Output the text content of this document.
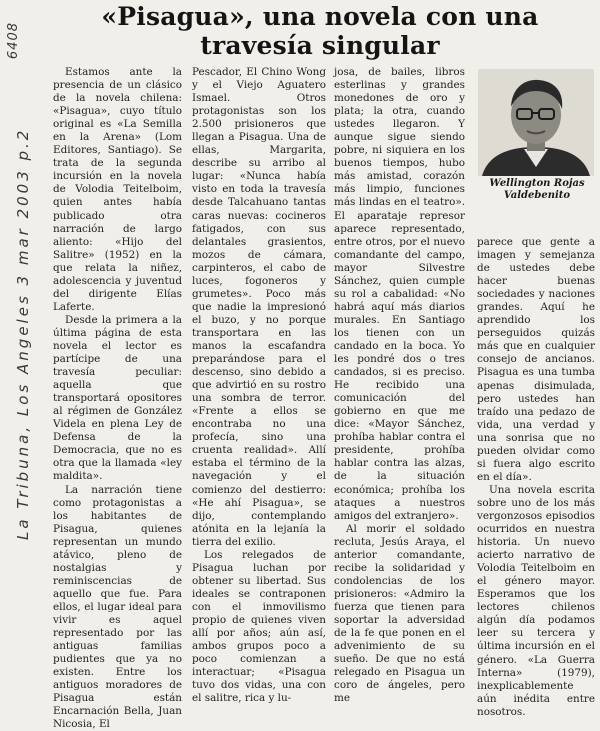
«Pisagua», una novela con una travesía singular
La Tribuna, Los Angeles 3 mar 2003 p.2
6408

Estamos ante la presencia de un clásico de la novela chilena: «Pisagua», cuyo título original es «La Semilla en la Arena» (Lom Editores, Santiago). Se trata de la segunda incursión en la novela de Volodia Teitelboim, quien antes había publicado otra narración de largo aliento: «Hijo del Salitre» (1952) en la que relata la niñez, adolescencia y juventud del dirigente Elías Laferte.

Desde la primera a la última página de esta novela el lector es partícipe de una travesía peculiar: aquella que transportará opositores al régimen de González Videla en plena Ley de Defensa de la Democracia, que no es otra que la llamada «ley maldita».

La narración tiene como protagonistas a los habitantes de Pisagua, quienes representan un mundo atávico, pleno de nostalgias y reminiscencias de aquello que fue. Para ellos, el lugar ideal para vivir es aquel representado por las antiguas familias pudientes que ya no existen. Entre los antiguos moradores de Pisagua están Encarnación Bella, Juan Nicosia, El

Pescador, El Chino Wong y el Viejo Aguatero Ismael. Otros protagonistas son los 2.500 prisioneros que llegan a Pisagua. Una de ellas, Margarita, describe su arribo al lugar: «Nunca había visto en toda la travesía desde Talcahuano tantas caras nuevas: cocineros fatigados, con sus delantales grasientos, mozos de cámara, carpinteros, el cabo de luces, fogoneros y grumetes». Poco más que nadie la impresionó el buzo, y no porque transportara en las manos la escafandra preparándose para el descenso, sino debido a que advirtió en su rostro una sombra de terror. «Frente a ellos se encontraba no una profecía, sino una cruenta realidad». Allí estaba el término de la navegación y el comienzo del destierro: «He ahí Pisagua», se dijo, contemplando atónita en la lejanía la tierra del exilio.

Los relegados de Pisagua luchan por obtener su libertad. Sus ideales se contraponen con el inmovilismo propio de quienes viven allí por años; aún así, ambos grupos poco a poco comienzan a interactuar; «Pisagua tuvo dos vidas, una con el salitre, rica y lu-

josa, de bailes, libros esterlinas y grandes monedones de oro y plata; la otra, cuando ustedes llegaron. Y aunque sigue siendo pobre, ni siquiera en los buenos tiempos, hubo más amistad, corazón más limpio, funciones más lindas en el teatro». El aparataje represor aparece representado, entre otros, por el nuevo comandante del campo, mayor Silvestre Sánchez, quien cumple su rol a cabalidad: «No habrá aquí más diarios murales. En Santiago los tienen con un candado en la boca. Yo les pondré dos o tres candados, si es preciso. He recibido una comunicación del gobierno en que me dice: «Mayor Sánchez, prohíba hablar contra el presidente, prohíba hablar contra las alzas, de la situación económica; prohíba los ataques a nuestros amigos del extranjero».

Al morir el soldado recluta, Jesús Araya, el anterior comandante, recibe la solidaridad y condolencias de los prisioneros: «Admiro la fuerza que tienen para soportar la adversidad de la fe que ponen en el advenimiento de su sueño. De que no está relegado en Pisagua un coro de ángeles, pero me

Wellington Rojas
Valdebenito

parece que gente a imagen y semejanza de ustedes debe hacer buenas sociedades y naciones grandes. Aquí he aprendido los perseguidos quizás más que en cualquier consejo de ancianos. Pisagua es una tumba apenas disimulada, pero ustedes han traído una pedazo de vida, una verdad y una sonrisa que no pueden olvidar como si fuera algo escrito en el día».

Una novela escrita sobre uno de los más vergonzosos episodios ocurridos en nuestra historia. Un nuevo acierto narrativo de Volodia Teitelboim en el género mayor. Esperamos que los lectores chilenos algún día podamos leer su tercera y última incursión en el género. «La Guerra Interna» (1979), inexplicablemente aún inédita entre nosotros.
